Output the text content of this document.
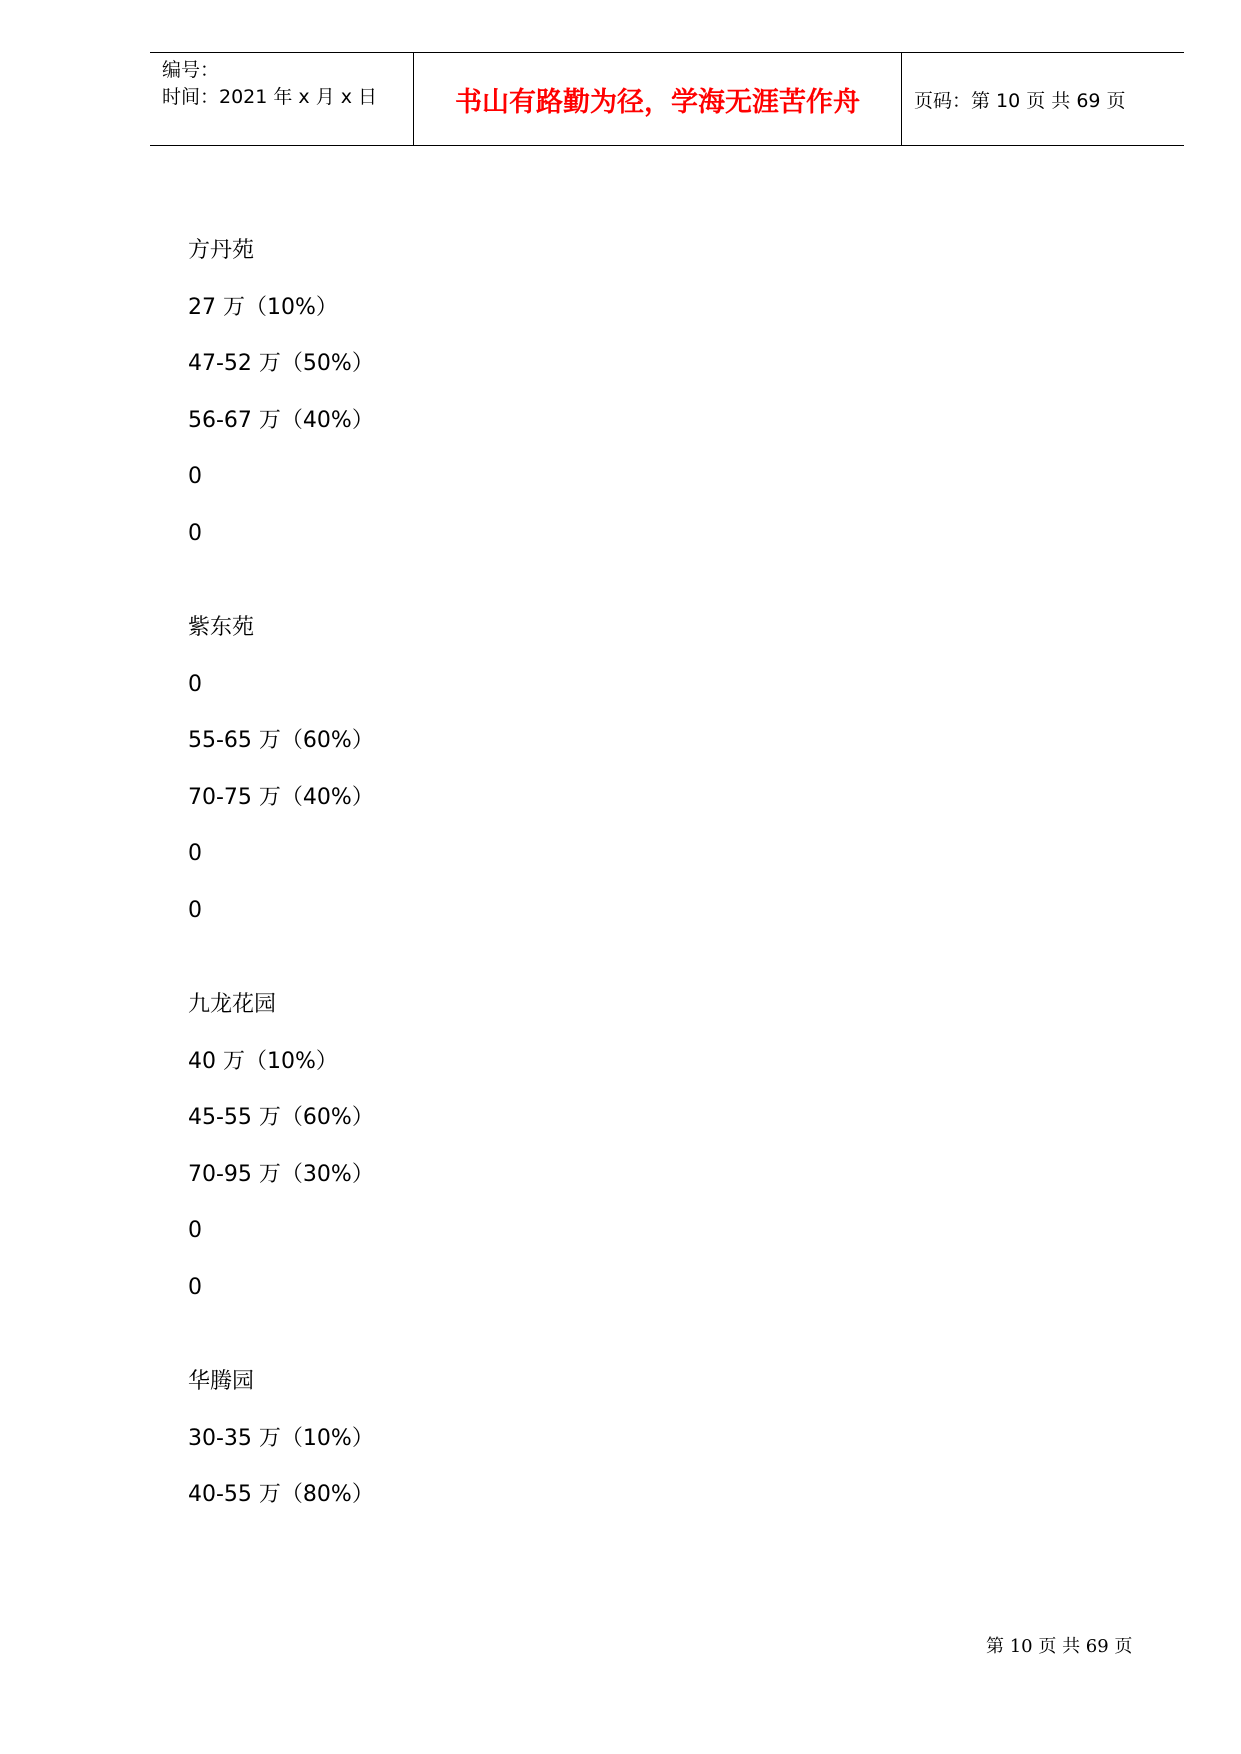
编号：
时间：2021 年 x 月 x 日	书山有路勤为径，学海无涯苦作舟	页码：第 10 页 共 69 页
方丹苑
27 万（10%）
47-52 万（50%）
56-67 万（40%）
0
0
紫东苑
0
55-65 万（60%）
70-75 万（40%）
0
0
九龙花园
40 万（10%）
45-55 万（60%）
70-95 万（30%）
0
0
华腾园
30-35 万（10%）
40-55 万（80%）
第 10 页 共 69 页
